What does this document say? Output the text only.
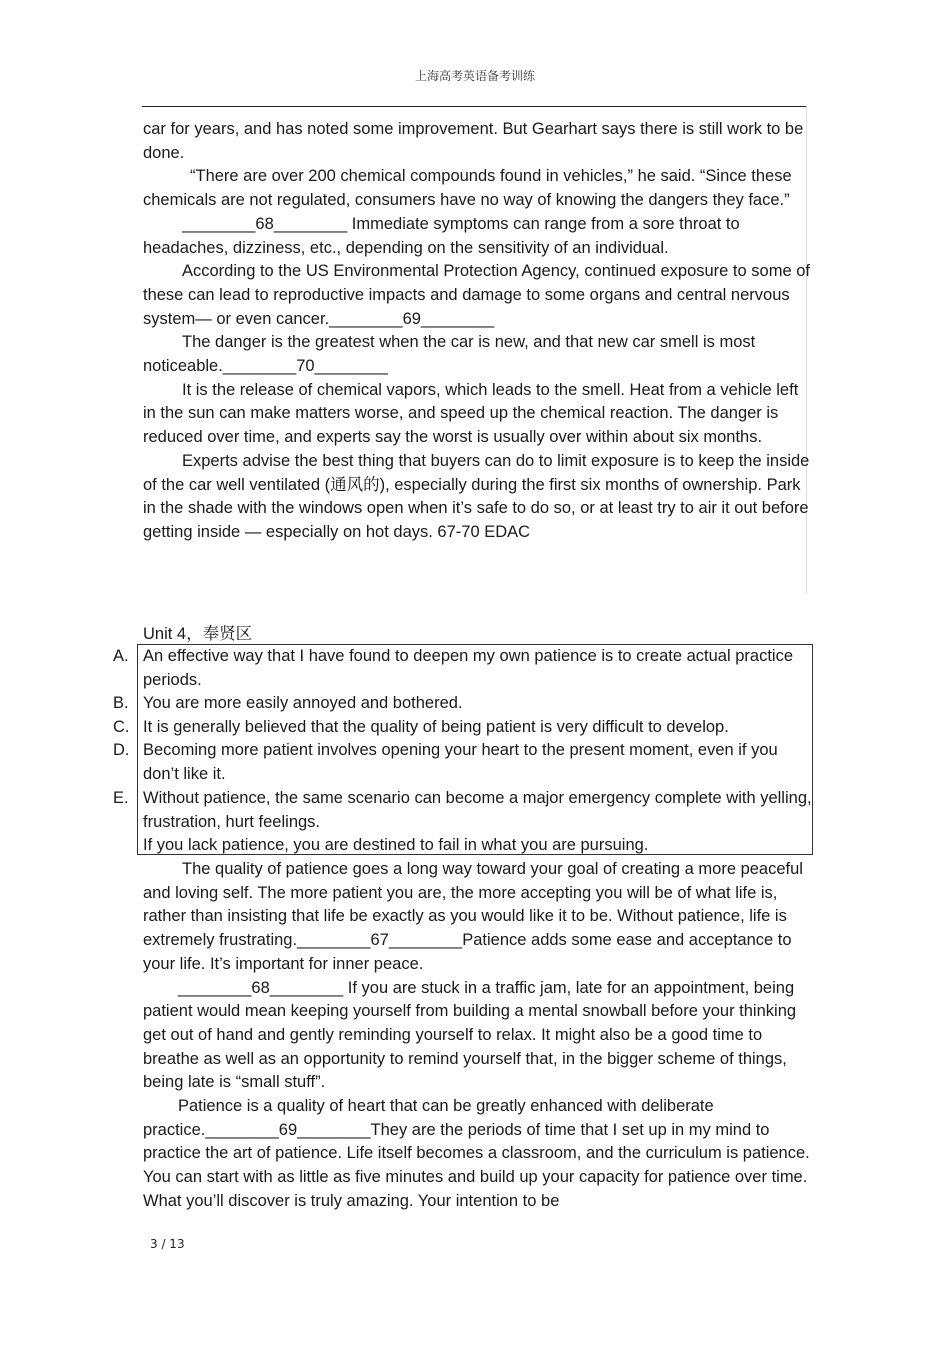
上海高考英语备考训练

car for years, and has noted some improvement. But Gearhart says there is still work to be done.

“There are over 200 chemical compounds found in vehicles,” he said. “Since these chemicals are not regulated, consumers have no way of knowing the dangers they face.”

________68________ Immediate symptoms can range from a sore throat to headaches, dizziness, etc., depending on the sensitivity of an individual.

According to the US Environmental Protection Agency, continued exposure to some of these can lead to reproductive impacts and damage to some organs and central nervous system— or even cancer.________69________

The danger is the greatest when the car is new, and that new car smell is most noticeable.________70________

It is the release of chemical vapors, which leads to the smell. Heat from a vehicle left in the sun can make matters worse, and speed up the chemical reaction. The danger is reduced over time, and experts say the worst is usually over within about six months.

Experts advise the best thing that buyers can do to limit exposure is to keep the inside of the car well ventilated (通风的), especially during the first six months of ownership. Park in the shade with the windows open when it’s safe to do so, or at least try to air it out before getting inside — especially on hot days. 67-70 EDAC

Unit 4，奉贤区
A. An effective way that I have found to deepen my own patience is to create actual practice periods.
B. You are more easily annoyed and bothered.
C. It is generally believed that the quality of being patient is very difficult to develop.
D. Becoming more patient involves opening your heart to the present moment, even if you don’t like it.
E. Without patience, the same scenario can become a major emergency complete with yelling, frustration, hurt feelings.
If you lack patience, you are destined to fail in what you are pursuing.

The quality of patience goes a long way toward your goal of creating a more peaceful and loving self. The more patient you are, the more accepting you will be of what life is, rather than insisting that life be exactly as you would like it to be. Without patience, life is extremely frustrating.________67________Patience adds some ease and acceptance to your life. It’s important for inner peace.

________68________ If you are stuck in a traffic jam, late for an appointment, being patient would mean keeping yourself from building a mental snowball before your thinking get out of hand and gently reminding yourself to relax. It might also be a good time to breathe as well as an opportunity to remind yourself that, in the bigger scheme of things, being late is “small stuff”.

Patience is a quality of heart that can be greatly enhanced with deliberate practice.________69________They are the periods of time that I set up in my mind to practice the art of patience. Life itself becomes a classroom, and the curriculum is patience. You can start with as little as five minutes and build up your capacity for patience over time. What you’ll discover is truly amazing. Your intention to be

3 / 13
